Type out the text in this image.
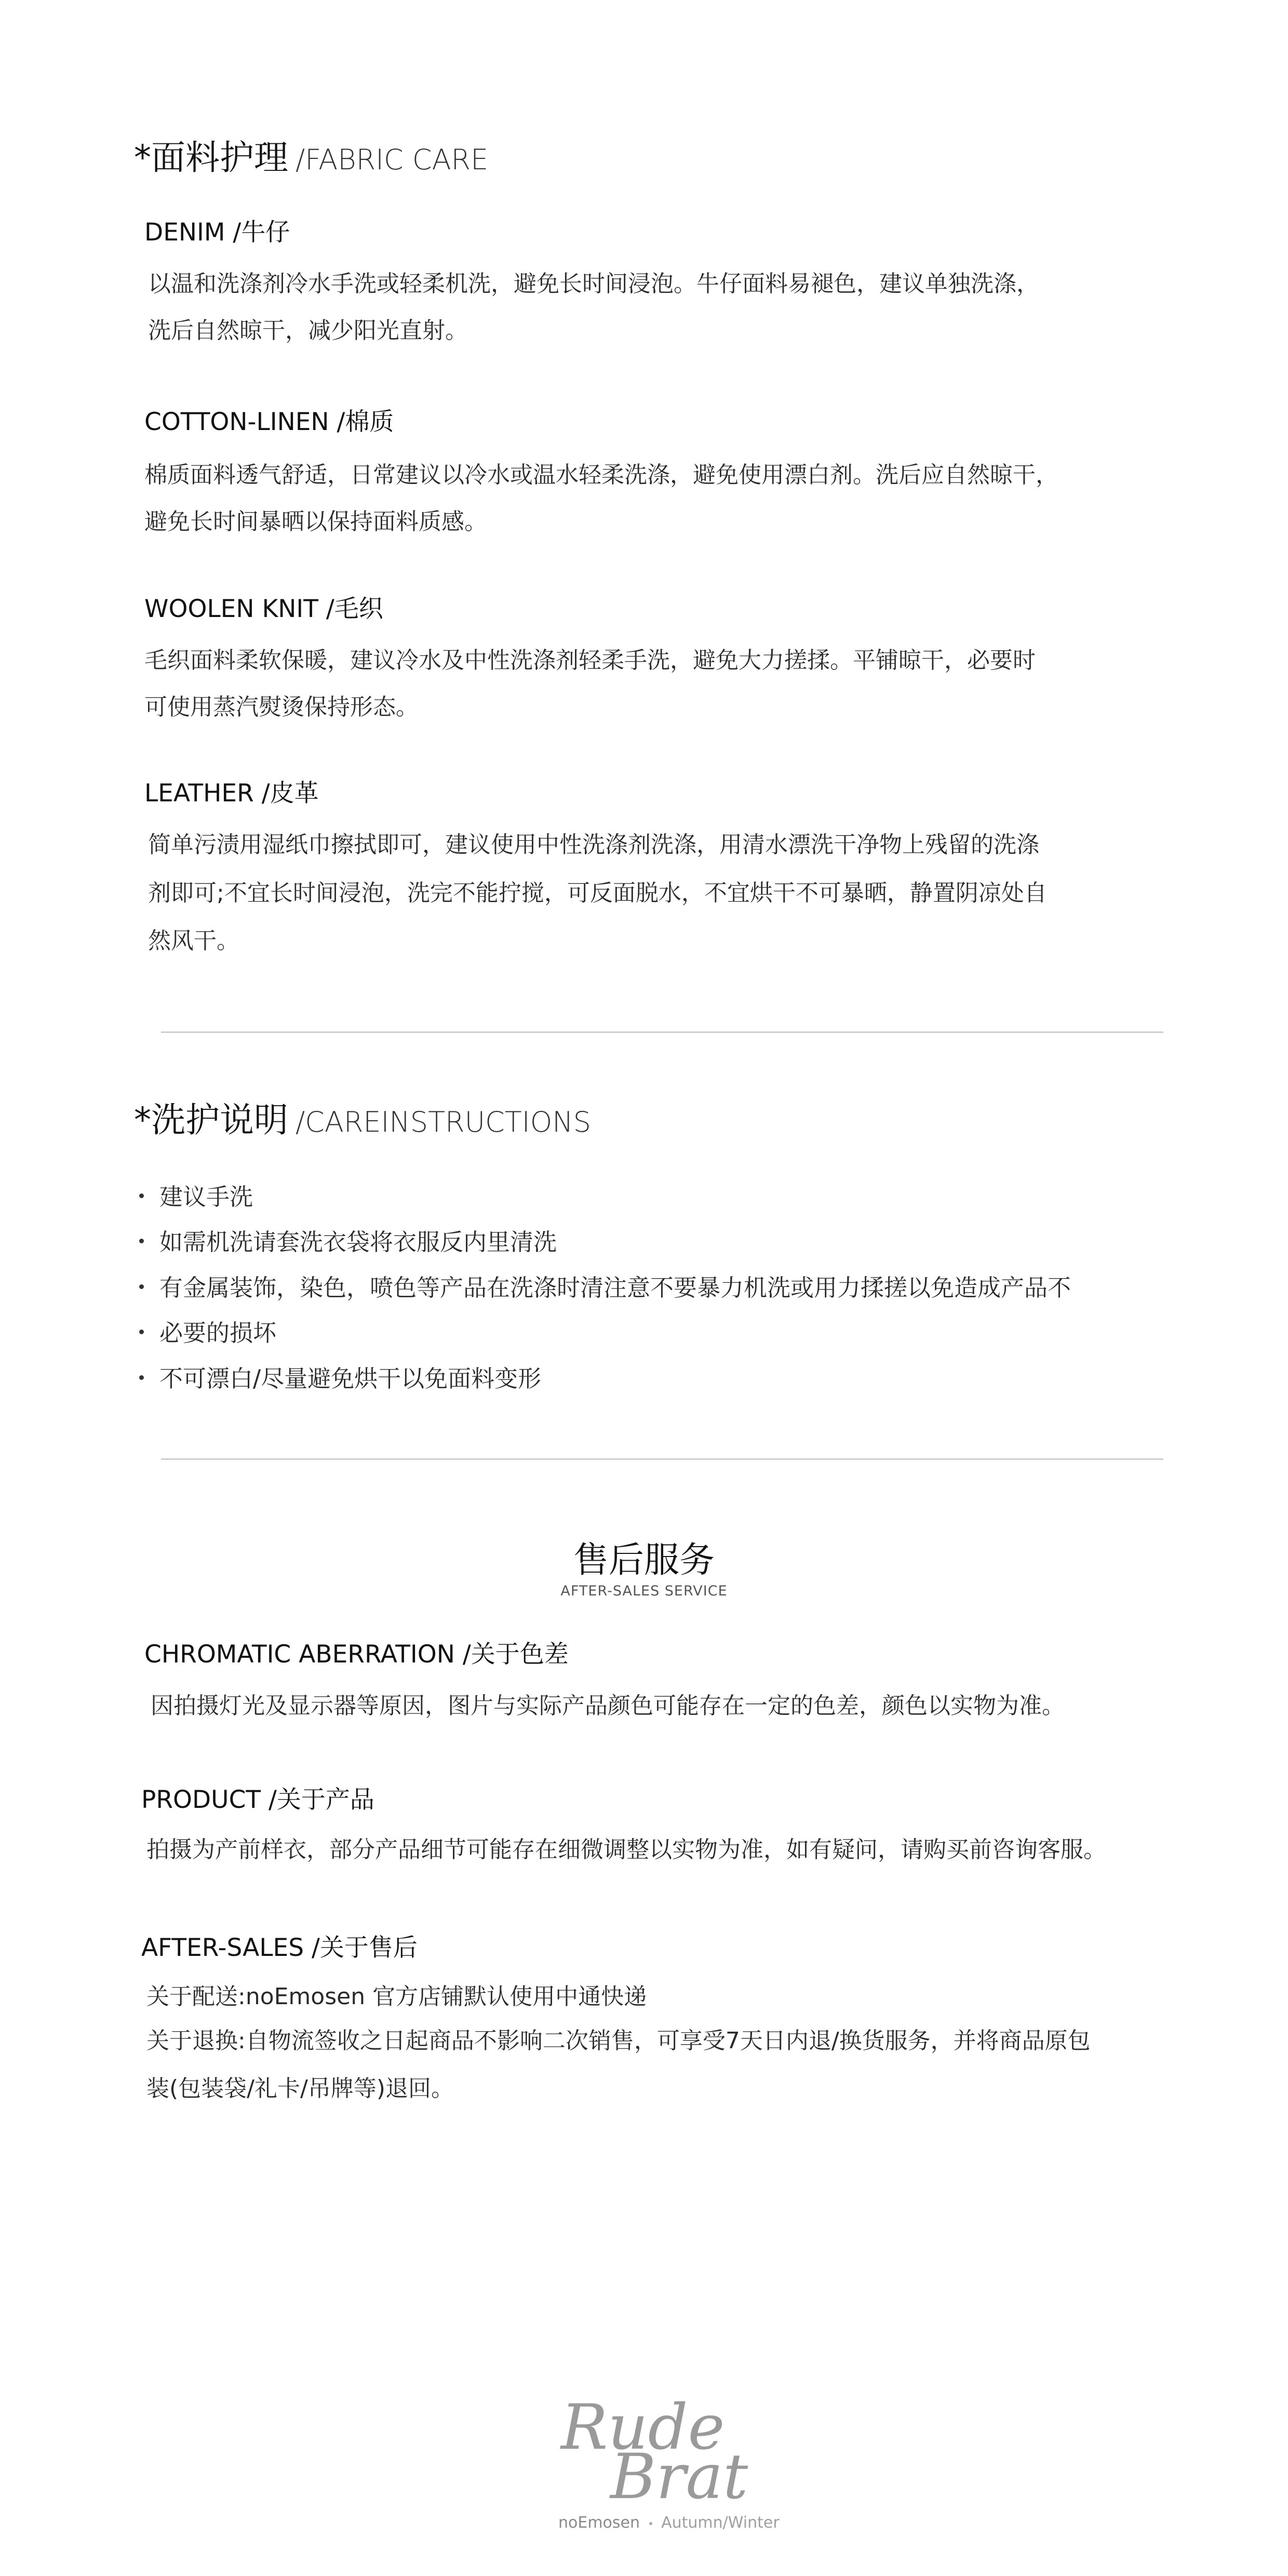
*面料护理 /FABRIC CARE
DENIM /牛仔
以温和洗涤剂冷水手洗或轻柔机洗，避免长时间浸泡。牛仔面料易褪色，建议单独洗涤，
洗后自然晾干，减少阳光直射。
COTTON-LINEN /棉质
棉质面料透气舒适，日常建议以冷水或温水轻柔洗涤，避免使用漂白剂。洗后应自然晾干，
避免长时间暴晒以保持面料质感。
WOOLEN KNIT /毛织
毛织面料柔软保暖，建议冷水及中性洗涤剂轻柔手洗，避免大力搓揉。平铺晾干，必要时
可使用蒸汽熨烫保持形态。
LEATHER /皮革
简单污渍用湿纸巾擦拭即可，建议使用中性洗涤剂洗涤，用清水漂洗干净物上残留的洗涤
剂即可;不宜长时间浸泡，洗完不能拧搅，可反面脱水，不宜烘干不可暴晒，静置阴凉处自
然风干。
*洗护说明 /CAREINSTRUCTIONS
建议手洗
如需机洗请套洗衣袋将衣服反内里清洗
有金属装饰，染色，喷色等产品在洗涤时清注意不要暴力机洗或用力揉搓以免造成产品不
必要的损坏
不可漂白/尽量避免烘干以免面料变形
售后服务
AFTER-SALES SERVICE
CHROMATIC ABERRATION /关于色差
因拍摄灯光及显示器等原因，图片与实际产品颜色可能存在一定的色差，颜色以实物为准。
PRODUCT /关于产品
拍摄为产前样衣，部分产品细节可能存在细微调整以实物为准，如有疑问，请购买前咨询客服。
AFTER-SALES /关于售后
关于配送:noEmosen 官方店铺默认使用中通快递
关于退换:自物流签收之日起商品不影响二次销售，可享受7天日内退/换货服务，并将商品原包
装(包装袋/礼卡/吊牌等)退回。
Rude
Brat
noEmosen Autumn/Winter
